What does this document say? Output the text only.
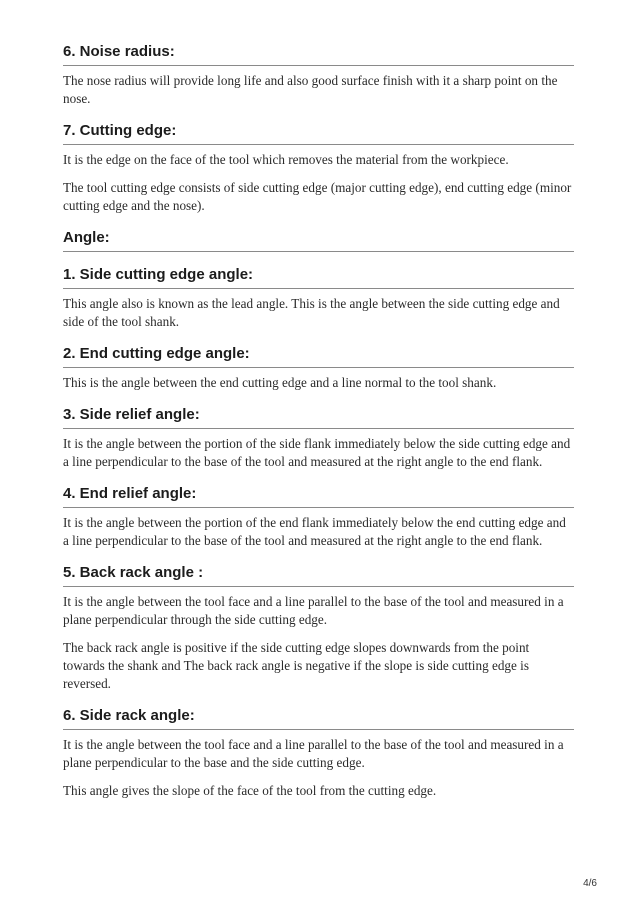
6. Noise radius:

The nose radius will provide long life and also good surface finish with it a sharp point on the nose.

7. Cutting edge:

It is the edge on the face of the tool which removes the material from the workpiece.

The tool cutting edge consists of side cutting edge (major cutting edge), end cutting edge (minor cutting edge and the nose).

Angle:
1. Side cutting edge angle:

This angle also is known as the lead angle. This is the angle between the side cutting edge and side of the tool shank.

2. End cutting edge angle:

This is the angle between the end cutting edge and a line normal to the tool shank.

3. Side relief angle:

It is the angle between the portion of the side flank immediately below the side cutting edge and a line perpendicular to the base of the tool and measured at the right angle to the end flank.

4. End relief angle:

It is the angle between the portion of the end flank immediately below the end cutting edge and a line perpendicular to the base of the tool and measured at the right angle to the end flank.

5. Back rack angle :

It is the angle between the tool face and a line parallel to the base of the tool and measured in a plane perpendicular through the side cutting edge.

The back rack angle is positive if the side cutting edge slopes downwards from the point towards the shank and The back rack angle is negative if the slope is side cutting edge is reversed.

6. Side rack angle:

It is the angle between the tool face and a line parallel to the base of the tool and measured in a plane perpendicular to the base and the side cutting edge.

This angle gives the slope of the face of the tool from the cutting edge.

4/6
